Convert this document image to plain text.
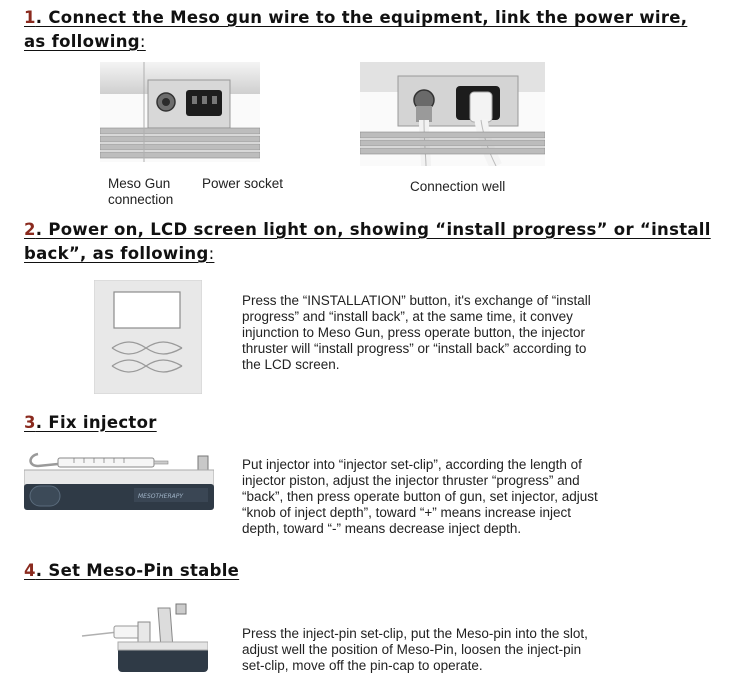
1. Connect the Meso gun wire to the equipment, link the power wire,
as following:
Meso Gun
connection
Power socket	Connection well
2. Power on, LCD screen light on, showing “install progress” or “install
back”, as following:
Press the “INSTALLATION” button, it's exchange of “install
progress” and “install back”, at the same time, it convey
injunction to Meso Gun, press operate button, the injector
thruster will “install progress” or “install back” according to
the LCD screen.
3. Fix injector
MESOTHERAPY
Put injector into “injector set-clip”, according the length of
injector piston, adjust the injector thruster “progress” and
“back”, then press operate button of gun, set injector, adjust
“knob of inject depth”, toward “+” means increase inject
depth, toward “-” means decrease inject depth.
4. Set Meso-Pin stable
Press the inject-pin set-clip, put the Meso-pin into the slot,
adjust well the position of Meso-Pin, loosen the inject-pin
set-clip, move off the pin-cap to operate.
